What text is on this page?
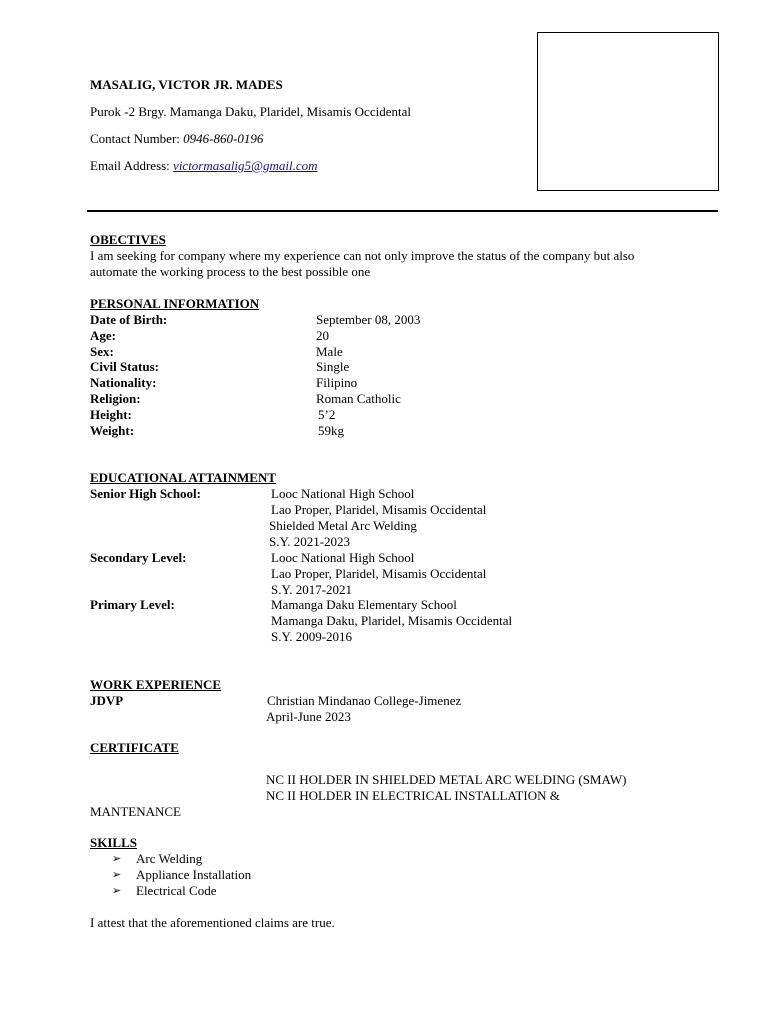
MASALIG, VICTOR JR. MADES
Purok -2 Brgy. Mamanga Daku, Plaridel, Misamis Occidental
Contact Number: 0946-860-0196
Email Address: victormasalig5@gmail.com
OBECTIVES
I am seeking for company where my experience can not only improve the status of the company but also
automate the working process to the best possible one
PERSONAL INFORMATION
Date of Birth:	September 08, 2003
Age:	20
Sex:	Male
Civil Status:	Single
Nationality:	Filipino
Religion:	Roman Catholic
Height:	5’2
Weight:	59kg
EDUCATIONAL ATTAINMENT
Senior High School:	Looc National High School
Lao Proper, Plaridel, Misamis Occidental
Shielded Metal Arc Welding
S.Y. 2021-2023
Secondary Level:	Looc National High School
Lao Proper, Plaridel, Misamis Occidental
S.Y. 2017-2021
Primary Level:	Mamanga Daku Elementary School
Mamanga Daku, Plaridel, Misamis Occidental
S.Y. 2009-2016
WORK EXPERIENCE
JDVP	Christian Mindanao College-Jimenez
April-June 2023
CERTIFICATE
NC II HOLDER IN SHIELDED METAL ARC WELDING (SMAW)
NC II HOLDER IN ELECTRICAL INSTALLATION &
MANTENANCE
SKILLS
➢ Arc Welding
➢ Appliance Installation
➢ Electrical Code
I attest that the aforementioned claims are true.
